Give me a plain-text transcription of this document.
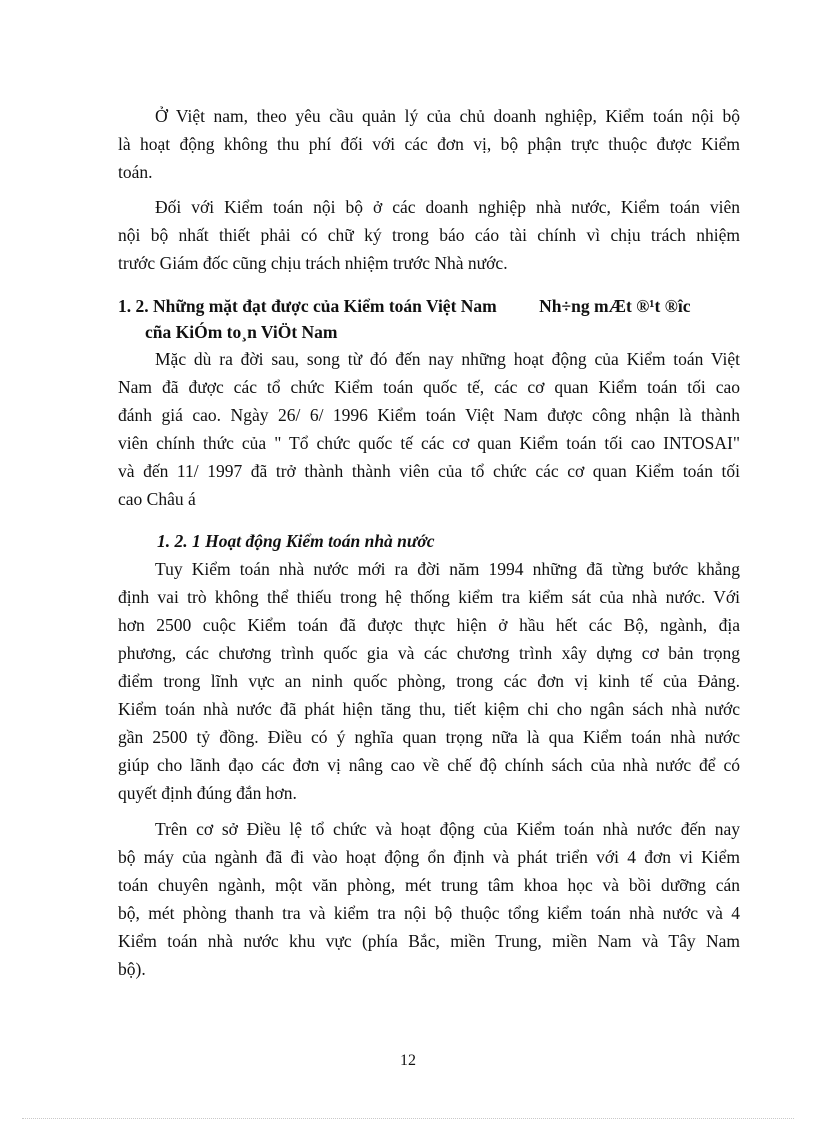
Ở Việt nam, theo yêu cầu quản lý của chủ doanh nghiệp, Kiểm toán nội bộ
là hoạt động không thu phí đối với các đơn vị, bộ phận trực thuộc được Kiểm
toán.

Đối với Kiểm toán nội bộ ở các doanh nghiệp nhà nước, Kiểm toán viên
nội bộ nhất thiết phải có chữ ký trong báo cáo tài chính vì chịu trách nhiệm
trước Giám đốc cũng chịu trách nhiệm trước Nhà nước.

1. 2. Những mặt đạt được của Kiểm toán Việt Nam Nh÷ng mÆt ®¹t ®îc
cña KiÓm to¸n ViÖt Nam

Mặc dù ra đời sau, song từ đó đến nay những hoạt động của Kiểm toán Việt
Nam đã được các tổ chức Kiểm toán quốc tế, các cơ quan Kiểm toán tối cao
đánh giá cao. Ngày 26/ 6/ 1996 Kiểm toán Việt Nam được công nhận là thành
viên chính thức của " Tổ chức quốc tế các cơ quan Kiểm toán tối cao INTOSAI"
và đến 11/ 1997 đã trở thành thành viên của tổ chức các cơ quan Kiểm toán tối
cao Châu á

1. 2. 1 Hoạt động Kiểm toán nhà nước

Tuy Kiểm toán nhà nước mới ra đời năm 1994 những đã từng bước khẳng
định vai trò không thể thiếu trong hệ thống kiểm tra kiểm sát của nhà nước. Với
hơn 2500 cuộc Kiểm toán đã được thực hiện ở hầu hết các Bộ, ngành, địa
phương, các chương trình quốc gia và các chương trình xây dựng cơ bản trọng
điểm trong lĩnh vực an ninh quốc phòng, trong các đơn vị kinh tế của Đảng.
Kiểm toán nhà nước đã phát hiện tăng thu, tiết kiệm chi cho ngân sách nhà nước
gần 2500 tỷ đồng. Điều có ý nghĩa quan trọng nữa là qua Kiểm toán nhà nước
giúp cho lãnh đạo các đơn vị nâng cao về chế độ chính sách của nhà nước để có
quyết định đúng đắn hơn.

Trên cơ sở Điều lệ tổ chức và hoạt động của Kiểm toán nhà nước đến nay
bộ máy của ngành đã đi vào hoạt động ổn định và phát triển với 4 đơn vi Kiểm
toán chuyên ngành, một văn phòng, mét trung tâm khoa học và bồi dưỡng cán
bộ, mét phòng thanh tra và kiểm tra nội bộ thuộc tổng kiểm toán nhà nước và 4
Kiểm toán nhà nước khu vực (phía Bắc, miền Trung, miền Nam và Tây Nam
bộ).

12
